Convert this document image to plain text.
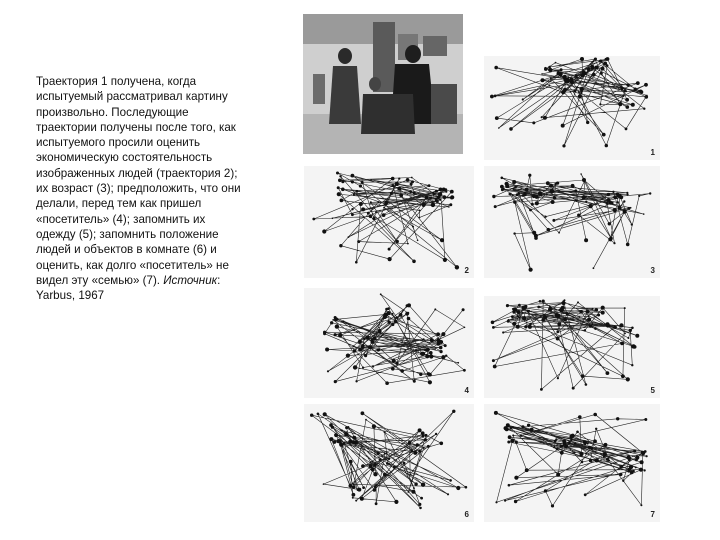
Траектория 1 получена, когда испытуемый рассматривал картину произвольно. Последующие траектории получены после того, как испытуемого просили оценить экономическую состоятельность изображенных людей (траектория 2); их возраст (3); предположить, что они делали, перед тем как пришел «посетитель» (4); запомнить их одежду (5); запомнить положение людей и объектов в комнате (6) и оценить, как долго «посетитель» не видел эту «семью» (7). Источник: Yarbus, 1967
1
2	3
4	5
6	7
